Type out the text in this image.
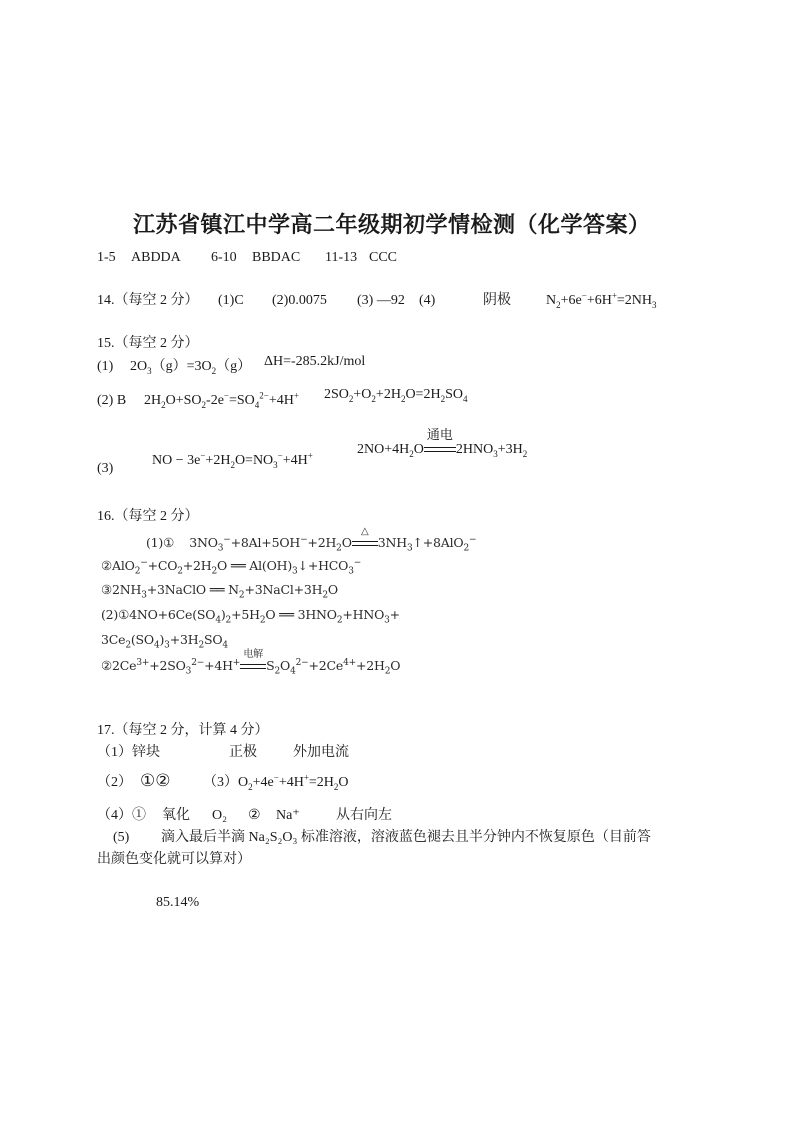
江苏省镇江中学高二年级期初学情检测（化学答案）
1-5 ABDDA 6-10 BBDAC 11-13 CCC
14.（每空 2 分） (1)C (2)0.0075 (3) —92 (4)	阴极	$N_2+6e^-+6H^+=2NH_3$
15.（每空 2 分）
(1) $2O_3(g)=3O_2(g)$ ΔH=-285.2kJ/mol
(2) B $2H_2O+SO_2-2e^-=SO_4^{2-}+4H^+$ $2SO_2+O_2+2H_2O=2H_2SO_4$
(3)
NO − $3e^-+2H_2O=NO_3^-+4H^+$	$2NO+4H_2O$
通电
$2HNO_3+3H_2$
16.（每空 2 分）
(1)①    $3NO_3^-+8Al+5OH^-+2H_2O$
△
$3NH_3↑+8AlO_2^-$
$②AlO_2^-+CO_2+2H_2O$ ══ $Al(OH)_3↓+HCO_3^-$
$③2NH_3+3NaClO$ ══ $N_2+3NaCl+3H_2O$
$(2)①4NO+6Ce(SO_4)_2+5H_2O$ ══ $3HNO_2+HNO_3+$
$3Ce_2(SO_4)_3+3H_2SO_4$
$②2Ce^{3+}+2SO_3^{2-}+4H^+$
电解
$S_2O_4^{2-}+2Ce^{4+}+2H_2O$
17.（每空 2 分，计算 4 分）
（1）锌块	正极	外加电流
（2） ①② （3） $O_2+4e^-+4H^+=2H_2O$
（4）① 氧化 O₂ ② Na⁺	从右向左
(5) 滴入最后半滴 Na₂S₂O₃ 标准溶液，溶液蓝色褪去且半分钟内不恢复原色（目前答
出颜色变化就可以算对）
85.14%
